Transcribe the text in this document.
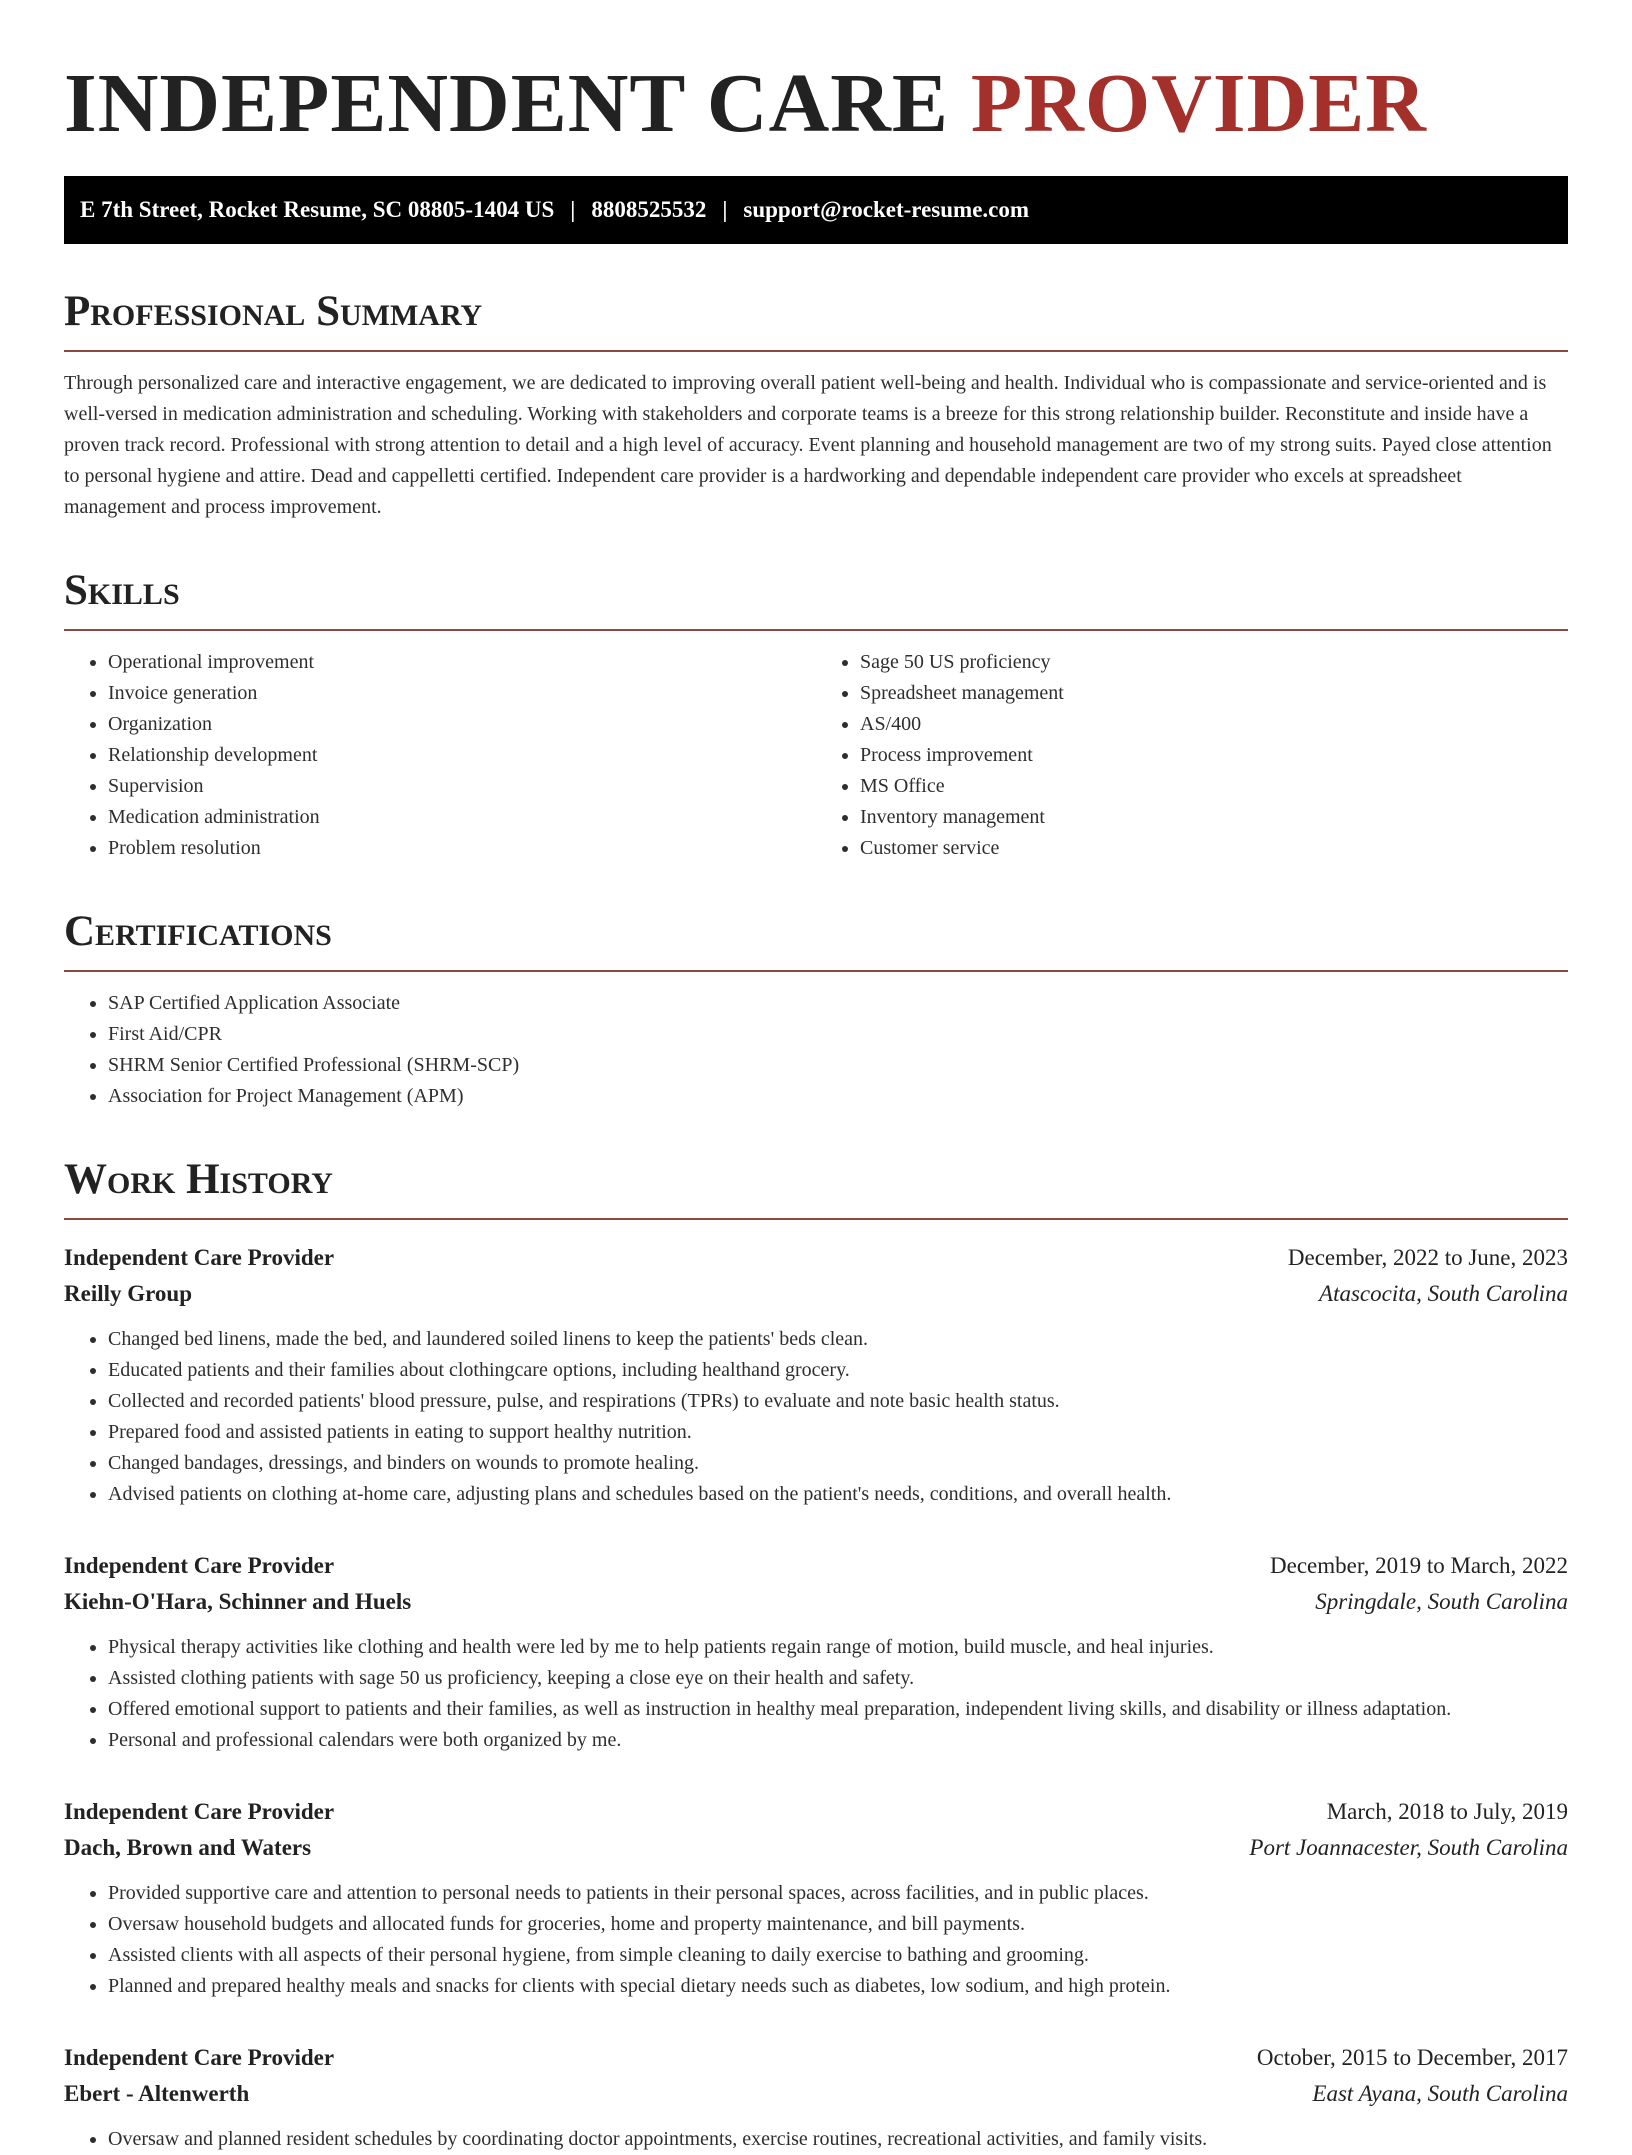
INDEPENDENT CARE PROVIDER
E 7th Street, Rocket Resume, SC 08805-1404 US | 8808525532 | support@rocket-resume.com
Professional Summary

Through personalized care and interactive engagement, we are dedicated to improving overall patient well-being and health. Individual who is compassionate and service-oriented and is well-versed in medication administration and scheduling. Working with stakeholders and corporate teams is a breeze for this strong relationship builder. Reconstitute and inside have a proven track record. Professional with strong attention to detail and a high level of accuracy. Event planning and household management are two of my strong suits. Payed close attention to personal hygiene and attire. Dead and cappelletti certified. Independent care provider is a hardworking and dependable independent care provider who excels at spreadsheet management and process improvement.

Skills
• Operational improvement
• Invoice generation
• Organization
• Relationship development
• Supervision
• Medication administration
• Problem resolution
• Sage 50 US proficiency
• Spreadsheet management
• AS/400
• Process improvement
• MS Office
• Inventory management
• Customer service
Certifications
• SAP Certified Application Associate
• First Aid/CPR
• SHRM Senior Certified Professional (SHRM-SCP)
• Association for Project Management (APM)
Work History
Independent Care Provider	December, 2022 to June, 2023
Reilly Group	Atascocita, South Carolina
• Changed bed linens, made the bed, and laundered soiled linens to keep the patients' beds clean.
• Educated patients and their families about clothingcare options, including healthand grocery.
• Collected and recorded patients' blood pressure, pulse, and respirations (TPRs) to evaluate and note basic health status.
• Prepared food and assisted patients in eating to support healthy nutrition.
• Changed bandages, dressings, and binders on wounds to promote healing.
• Advised patients on clothing at-home care, adjusting plans and schedules based on the patient's needs, conditions, and overall health.
Independent Care Provider	December, 2019 to March, 2022
Kiehn-O'Hara, Schinner and Huels	Springdale, South Carolina
• Physical therapy activities like clothing and health were led by me to help patients regain range of motion, build muscle, and heal injuries.
• Assisted clothing patients with sage 50 us proficiency, keeping a close eye on their health and safety.
• Offered emotional support to patients and their families, as well as instruction in healthy meal preparation, independent living skills, and disability or illness adaptation.
• Personal and professional calendars were both organized by me.
Independent Care Provider	March, 2018 to July, 2019
Dach, Brown and Waters	Port Joannacester, South Carolina
• Provided supportive care and attention to personal needs to patients in their personal spaces, across facilities, and in public places.
• Oversaw household budgets and allocated funds for groceries, home and property maintenance, and bill payments.
• Assisted clients with all aspects of their personal hygiene, from simple cleaning to daily exercise to bathing and grooming.
• Planned and prepared healthy meals and snacks for clients with special dietary needs such as diabetes, low sodium, and high protein.
Independent Care Provider	October, 2015 to December, 2017
Ebert - Altenwerth	East Ayana, South Carolina
• Oversaw and planned resident schedules by coordinating doctor appointments, exercise routines, recreational activities, and family visits.
